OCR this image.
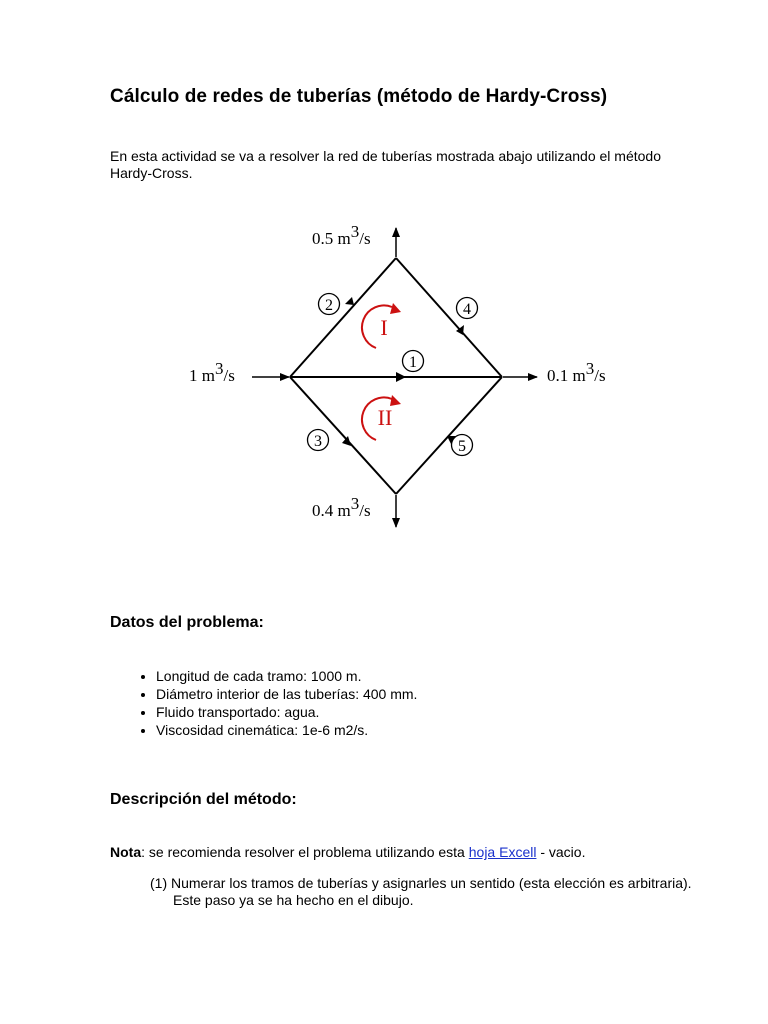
Cálculo de redes de tuberías (método de Hardy-Cross)

En esta actividad se va a resolver la red de tuberías mostrada abajo utilizando el método Hardy-Cross.

0.5 m3/s
0.4 m3/s
1 m3/s	0.1 m3/s
1
2
3
4
5
I
II
Datos del problema:
• Longitud de cada tramo: 1000 m.
• Diámetro interior de las tuberías: 400 mm.
• Fluido transportado: agua.
• Viscosidad cinemática: 1e-6 m2/s.
Descripción del método:

Nota: se recomienda resolver el problema utilizando esta hoja Excell - vacio.

(1) Numerar los tramos de tuberías y asignarles un sentido (esta elección es arbitraria). Este paso ya se ha hecho en el dibujo.
